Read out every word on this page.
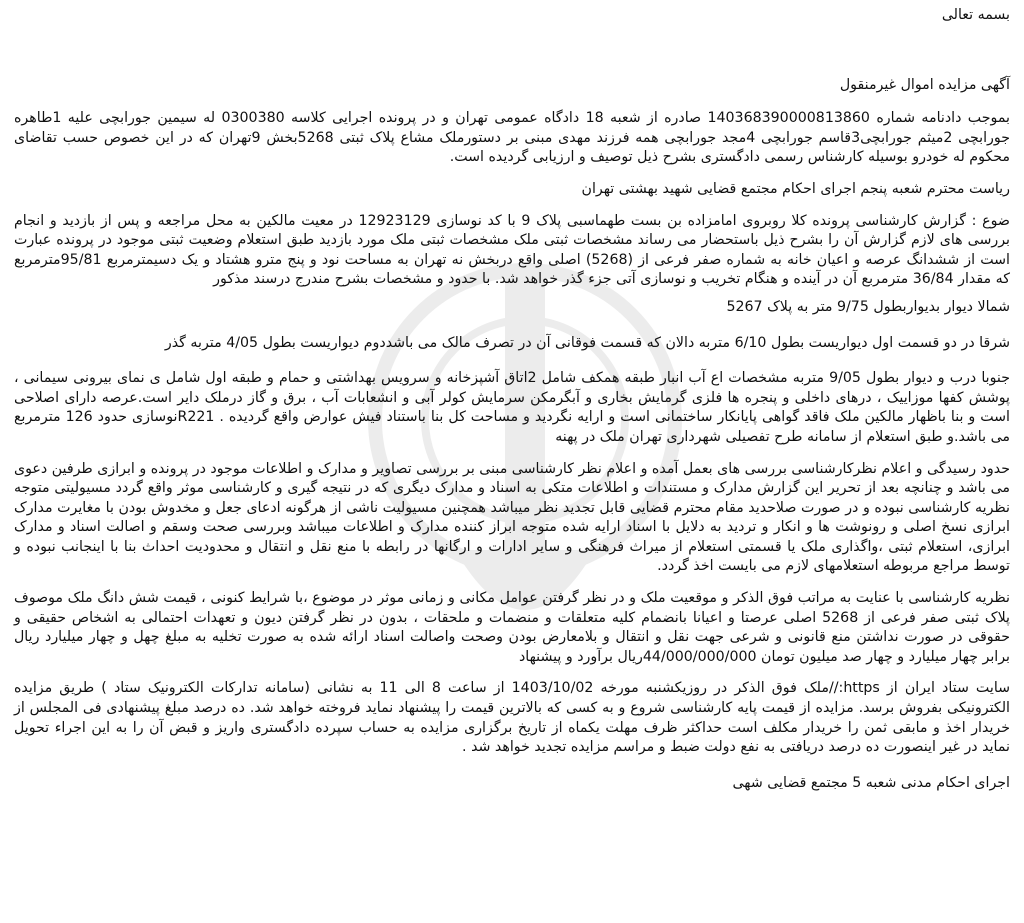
بسمه تعالی

آگهی مزایده اموال غیرمنقول

بموجب دادنامه شماره 140368390000813860 صادره از شعبه 18 دادگاه عمومی تهران و در پرونده اجرایی کلاسه 0300380 له سیمین جورابچی علیه 1طاهره جورابچی 2میثم جورابچی3قاسم جورابچی 4مجد جورابچی همه فرزند مهدی مبنی بر دستورملک مشاع پلاک ثبتی 5268بخش 9تهران که در این خصوص حسب تقاضای محکوم له خودرو بوسیله کارشناس رسمی دادگستری بشرح ذیل توصیف و ارزیابی گردیده است.

ریاست محترم شعبه پنجم اجرای احکام مجتمع قضایی شهید بهشتی تهران

ضوع : گزارش کارشناسی پرونده کلا روبروی امامزاده بن بست طهماسبی پلاک 9 با کد نوسازی 12923129 در معیت مالکین به محل مراجعه و پس از بازدید و انجام بررسی های لازم گزارش آن را بشرح ذیل باستحضار می رساند مشخصات ثبتی ملک مشخصات ثبتی ملک مورد بازدید طبق استعلام وضعیت ثبتی موجود در پرونده عبارت است از ششدانگ عرصه و اعیان خانه به شماره صفر فرعی از (5268) اصلی واقع دربخش نه تهران به مساحت نود و پنج مترو هشتاد و یک دسیمترمربع 95/81مترمربع که مقدار 36/84 مترمربع آن در آینده و هنگام تخریب و نوسازی آتی جزء گذر خواهد شد. با حدود و مشخصات بشرح مندرج درسند مذکور

شمالا دیوار بدیواربطول 9/75 متر به پلاک 5267

شرقا در دو قسمت اول دیواریست بطول 6/10 متربه دالان که قسمت فوقانی آن در تصرف مالک می باشددوم دیواریست بطول 4/05 متربه گذر

جنوبا درب و دیوار بطول 9/05 متربه مشخصات اع آب انبار طبقه همکف شامل 2اتاق آشپزخانه و سرویس بهداشتی و حمام و طبقه اول شامل ی نمای بیرونی سیمانی ، پوشش کفها موزاییک ، درهای داخلی و پنجره ها فلزی گرمایش بخاری و آبگرمکن سرمایش کولر آبی و انشعابات آب ، برق و گاز درملک دایر است.عرصه دارای اصلاحی است و بنا باظهار مالکین ملک فاقد گواهی پایانکار ساختمانی است و ارایه نگردید و مساحت کل بنا باستناد فیش عوارض واقع گردیده . R221نوسازی حدود 126 مترمربع می باشد.و طبق استعلام از سامانه طرح تفصیلی شهرداری تهران ملک در پهنه

حدود رسیدگی و اعلام نظرکارشناسی بررسی های بعمل آمده و اعلام نظر کارشناسی مبنی بر بررسی تصاویر و مدارک و اطلاعات موجود در پرونده و ابرازی طرفین دعوی می باشد و چنانچه بعد از تحریر این گزارش مدارک و مستندات و اطلاعات متکی به اسناد و مدارک دیگری که در نتیجه گیری و کارشناسی موثر واقع گردد مسیولیتی متوجه نظریه کارشناسی نبوده و در صورت صلاحدید مقام محترم قضایی قابل تجدید نظر میباشد همچنین مسیولیت ناشی از هرگونه ادعای جعل و مخدوش بودن با مغایرت مدارک ابرازی نسخ اصلی و رونوشت ها و انکار و تردید به دلایل با اسناد ارایه شده متوجه ابراز کننده مدارک و اطلاعات میباشد وبررسی صحت وسقم و اصالت اسناد و مدارک ابرازی، استعلام ثبتی ،واگذاری ملک یا قسمتی استعلام از میراث فرهنگی و سایر ادارات و ارگانها در رابطه با منع نقل و انتقال و محدودیت احداث بنا با اینجانب نبوده و توسط مراجع مربوطه استعلامهای لازم می بایست اخذ گردد.

نظریه کارشناسی با عنایت به مراتب فوق الذکر و موقعیت ملک و در نظر گرفتن عوامل مکانی و زمانی موثر در موضوع ،با شرایط کنونی ، قیمت شش دانگ ملک موصوف پلاک ثبتی صفر فرعی از 5268 اصلی عرصتا و اعیانا بانضمام کلیه متعلقات و منضمات و ملحقات ، بدون در نظر گرفتن دیون و تعهدات احتمالی به اشخاص حقیقی و حقوقی در صورت نداشتن منع قانونی و شرعی جهت نقل و انتقال و بلامعارض بودن وصحت واصالت اسناد ارائه شده به صورت تخلیه به مبلغ چهل و چهار میلیارد ریال برابر چهار میلیارد و چهار صد میلیون تومان 44/000/000/000ریال برآورد و پیشنهاد

سایت ستاد ایران از https://ملک فوق الذکر در روزیکشنبه مورخه 1403/10/02 از ساعت 8 الی 11 به نشانی (سامانه تدارکات الکترونیک ستاد ) طریق مزایده الکترونیکی بفروش برسد. مزایده از قیمت پایه کارشناسی شروع و به کسی که بالاترین قیمت را پیشنهاد نماید فروخته خواهد شد. ده درصد مبلغ پیشنهادی فی المجلس از خریدار اخذ و مابقی ثمن را خریدار مکلف است حداکثر ظرف مهلت یکماه از تاریخ برگزاری مزایده به حساب سپرده دادگستری واریز و قبض آن را به این اجراء تحویل نماید در غیر اینصورت ده درصد دریافتی به نفع دولت ضبط و مراسم مزایده تجدید خواهد شد .

اجرای احکام مدنی شعبه 5 مجتمع قضایی شهی
